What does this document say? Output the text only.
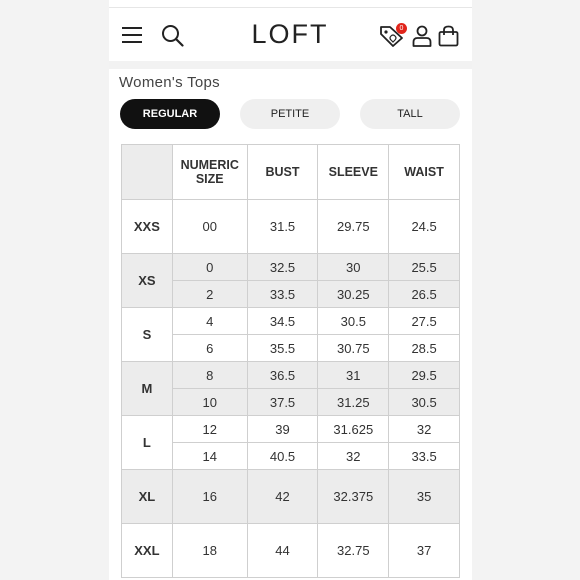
LOFT	0
Women's Tops
REGULAR	PETITE	TALL
	NUMERIC SIZE	BUST	SLEEVE	WAIST
XXS	00	31.5	29.75	24.5
XS	0	32.5	30	25.5
	2	33.5	30.25	26.5
S	4	34.5	30.5	27.5
	6	35.5	30.75	28.5
M	8	36.5	31	29.5
	10	37.5	31.25	30.5
L	12	39	31.625	32
	14	40.5	32	33.5
XL	16	42	32.375	35
XXL	18	44	32.75	37
